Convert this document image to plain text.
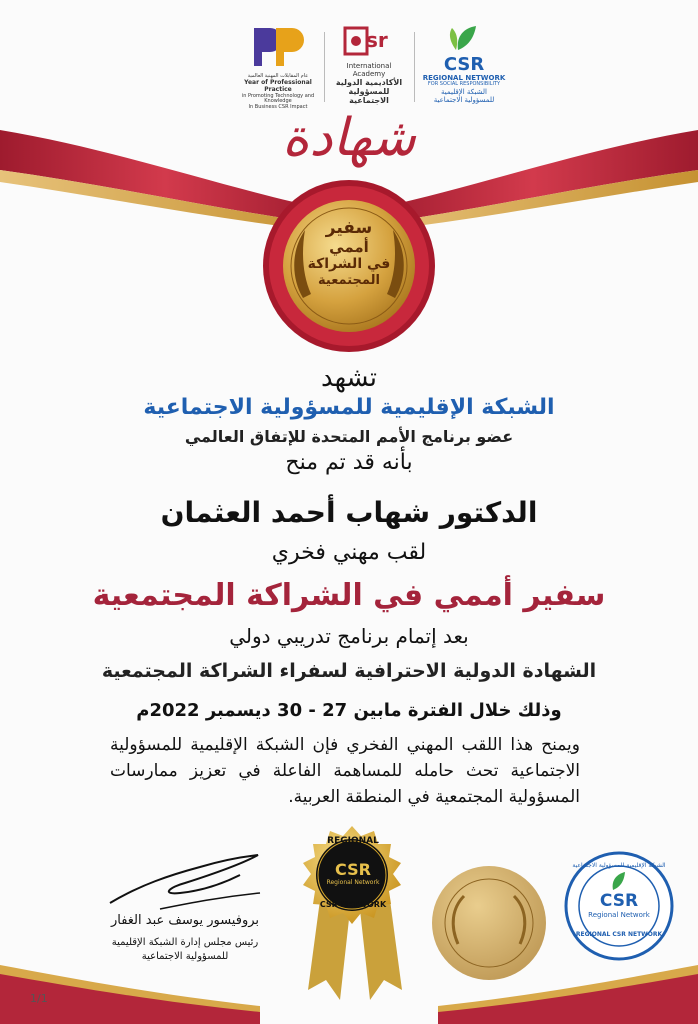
عام المقابلات المهنية العالمية
Year of Professional Practice
in Promoting Technology and Knowledge
In Business CSR Impact
sr
International Academy
الأكاديمية الدولية
للمسؤولية الاجتماعية
CSR
REGIONAL NETWORK
FOR SOCIAL RESPONSIBILITY
الشبكة الإقليمية
للمسؤولية الاجتماعية
شهادة
سفير
أممي
في الشراكة
المجتمعية
تشهد
الشبكة الإقليمية للمسؤولية الاجتماعية
عضو برنامج الأمم المتحدة للإتفاق العالمي
بأنه قد تم منح
الدكتور شهاب أحمد العثمان
لقب مهني فخري
سفير أممي في الشراكة المجتمعية
بعد إتمام برنامج تدريبي دولي
الشهادة الدولية الاحترافية لسفراء الشراكة المجتمعية
وذلك خلال الفترة مابين 27 - 30 ديسمبر 2022م
ويمنح هذا اللقب المهني الفخري فإن الشبكة الإقليمية للمسؤولية الاجتماعية تحث حامله للمساهمة الفاعلة في تعزيز ممارسات المسؤولية المجتمعية في المنطقة العربية.
بروفيسور يوسف عبد الغفار
رئيس مجلس إدارة الشبكة الإقليمية
للمسؤولية الاجتماعية
REGIONAL
CSR
Regional Network
CSR NETWORK
الشبكة الإقليمية للمسؤولية الاجتماعية
CSR
Regional Network
REGIONAL CSR NETWORK
1/1
